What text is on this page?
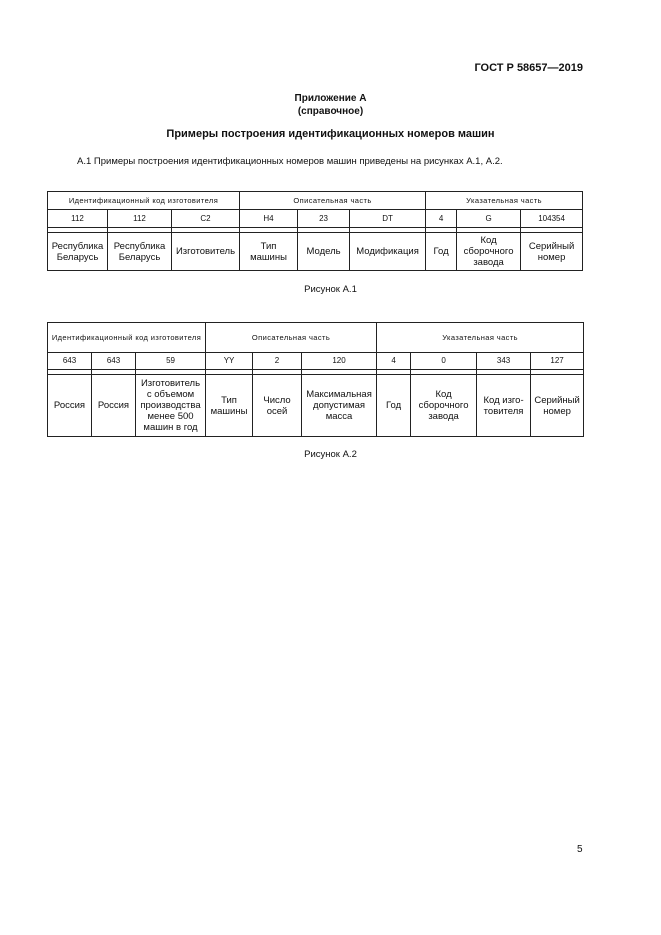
ГОСТ Р 58657—2019
Приложение А
(справочное)
Примеры построения идентификационных номеров машин
А.1 Примеры построения идентификационных номеров машин приведены на рисунках А.1, А.2.
Идентификационный код изготовителя			Описательная часть			Указательная часть		
112	112	С2	Н4	23	DT	4	G	104354

Республика Беларусь	Республика Беларусь	Изготовитель	Тип машины	Модель	Модификация	Год	Код сборочного завода	Серийный номер
Рисунок А.1
Идентификационный код изготовителя			Описательная часть			Указательная часть			
643	643	59	YY	2	120	4	0	343	127

Россия	Россия	Изготовитель с объемом производства менее 500 машин в год	Тип машины	Число осей	Максимальная допустимая масса	Год	Код сборочного завода	Код изго-товителя	Серийный номер
Рисунок А.2
5
